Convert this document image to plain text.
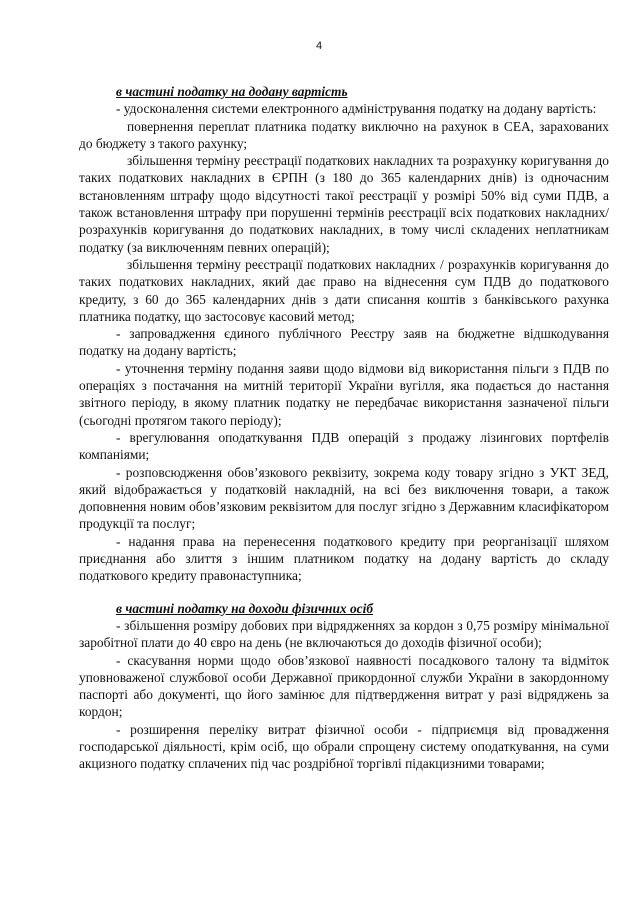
4

в частині податку на додану вартість

- удосконалення системи електронного адміністрування податку на додану вартість:

повернення переплат платника податку виключно на рахунок в СЕА, зарахованих до бюджету з такого рахунку;

збільшення терміну реєстрації податкових накладних та розрахунку коригування до таких податкових накладних в ЄРПН (з 180 до 365 календарних днів) із одночасним встановленням штрафу щодо відсутності такої реєстрації у розмірі 50% від суми ПДВ, а також встановлення штрафу при порушенні термінів реєстрації всіх податкових накладних/розрахунків коригування до податкових накладних, в тому числі складених неплатникам податку (за виключенням певних операцій);

збільшення терміну реєстрації податкових накладних / розрахунків коригування до таких податкових накладних, який дає право на віднесення сум ПДВ до податкового кредиту, з 60 до 365 календарних днів з дати списання коштів з банківського рахунка платника податку, що застосовує касовий метод;

- запровадження єдиного публічного Реєстру заяв на бюджетне відшкодування податку на додану вартість;

- уточнення терміну подання заяви щодо відмови від використання пільги з ПДВ по операціях з постачання на митній території України вугілля, яка подається до настання звітного періоду, в якому платник податку не передбачає використання зазначеної пільги (сьогодні протягом такого періоду);

- врегулювання оподаткування ПДВ операцій з продажу лізингових портфелів компаніями;

- розповсюдження обов’язкового реквізиту, зокрема коду товару згідно з УКТ ЗЕД, який відображається у податковій накладній, на всі без виключення товари, а також доповнення новим обов’язковим реквізитом для послуг згідно з Державним класифікатором продукції та послуг;

- надання права на перенесення податкового кредиту при реорганізації шляхом приєднання або злиття з іншим платником податку на додану вартість до складу податкового кредиту правонаступника;

в частині податку на доходи фізичних осіб

- збільшення розміру добових при відрядженнях за кордон з 0,75 розміру мінімальної заробітної плати до 40 євро на день (не включаються до доходів фізичної особи);

- скасування норми щодо обов’язкової наявності посадкового талону та відміток уповноваженої службової особи Державної прикордонної служби України в закордонному паспорті або документі, що його замінює для підтвердження витрат у разі відряджень за кордон;

- розширення переліку витрат фізичної особи - підприємця від провадження господарської діяльності, крім осіб, що обрали спрощену систему оподаткування, на суми акцизного податку сплачених під час роздрібної торгівлі підакцизними товарами;
